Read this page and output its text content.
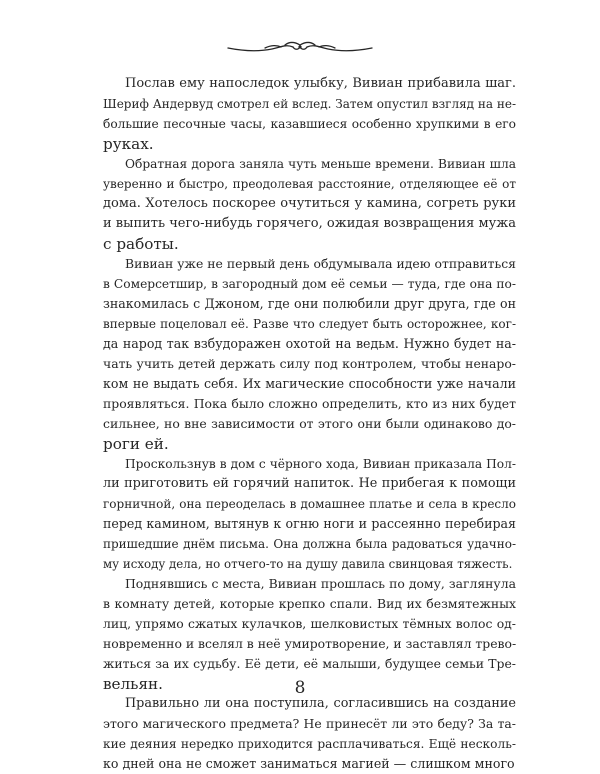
Послав ему напоследок улыбку, Вивиан прибавила шаг.
Шериф Андервуд смотрел ей вслед. Затем опустил взгляд на не-
большие песочные часы, казавшиеся особенно хрупкими в его
руках.
Обратная дорога заняла чуть меньше времени. Вивиан шла
уверенно и быстро, преодолевая расстояние, отделяющее её от
дома. Хотелось поскорее очутиться у камина, согреть руки
и выпить чего-нибудь горячего, ожидая возвращения мужа
с работы.
Вивиан уже не первый день обдумывала идею отправиться
в Сомерсетшир, в загородный дом её семьи — туда, где она по-
знакомилась с Джоном, где они полюбили друг друга, где он
впервые поцеловал её. Разве что следует быть осторожнее, ког-
да народ так взбудоражен охотой на ведьм. Нужно будет на-
чать учить детей держать силу под контролем, чтобы ненаро-
ком не выдать себя. Их магические способности уже начали
проявляться. Пока было сложно определить, кто из них будет
сильнее, но вне зависимости от этого они были одинаково до-
роги ей.
Проскользнув в дом с чёрного хода, Вивиан приказала Пол-
ли приготовить ей горячий напиток. Не прибегая к помощи
горничной, она переоделась в домашнее платье и села в кресло
перед камином, вытянув к огню ноги и рассеянно перебирая
пришедшие днём письма. Она должна была радоваться удачно-
му исходу дела, но отчего-то на душу давила свинцовая тяжесть.
Поднявшись с места, Вивиан прошлась по дому, заглянула
в комнату детей, которые крепко спали. Вид их безмятежных
лиц, упрямо сжатых кулачков, шелковистых тёмных волос од-
новременно и вселял в неё умиротворение, и заставлял трево-
житься за их судьбу. Её дети, её малыши, будущее семьи Тре-
вельян.
Правильно ли она поступила, согласившись на создание
этого магического предмета? Не принесёт ли это беду? За та-
кие деяния нередко приходится расплачиваться. Ещё несколь-
ко дней она не сможет заниматься магией — слишком много
8
